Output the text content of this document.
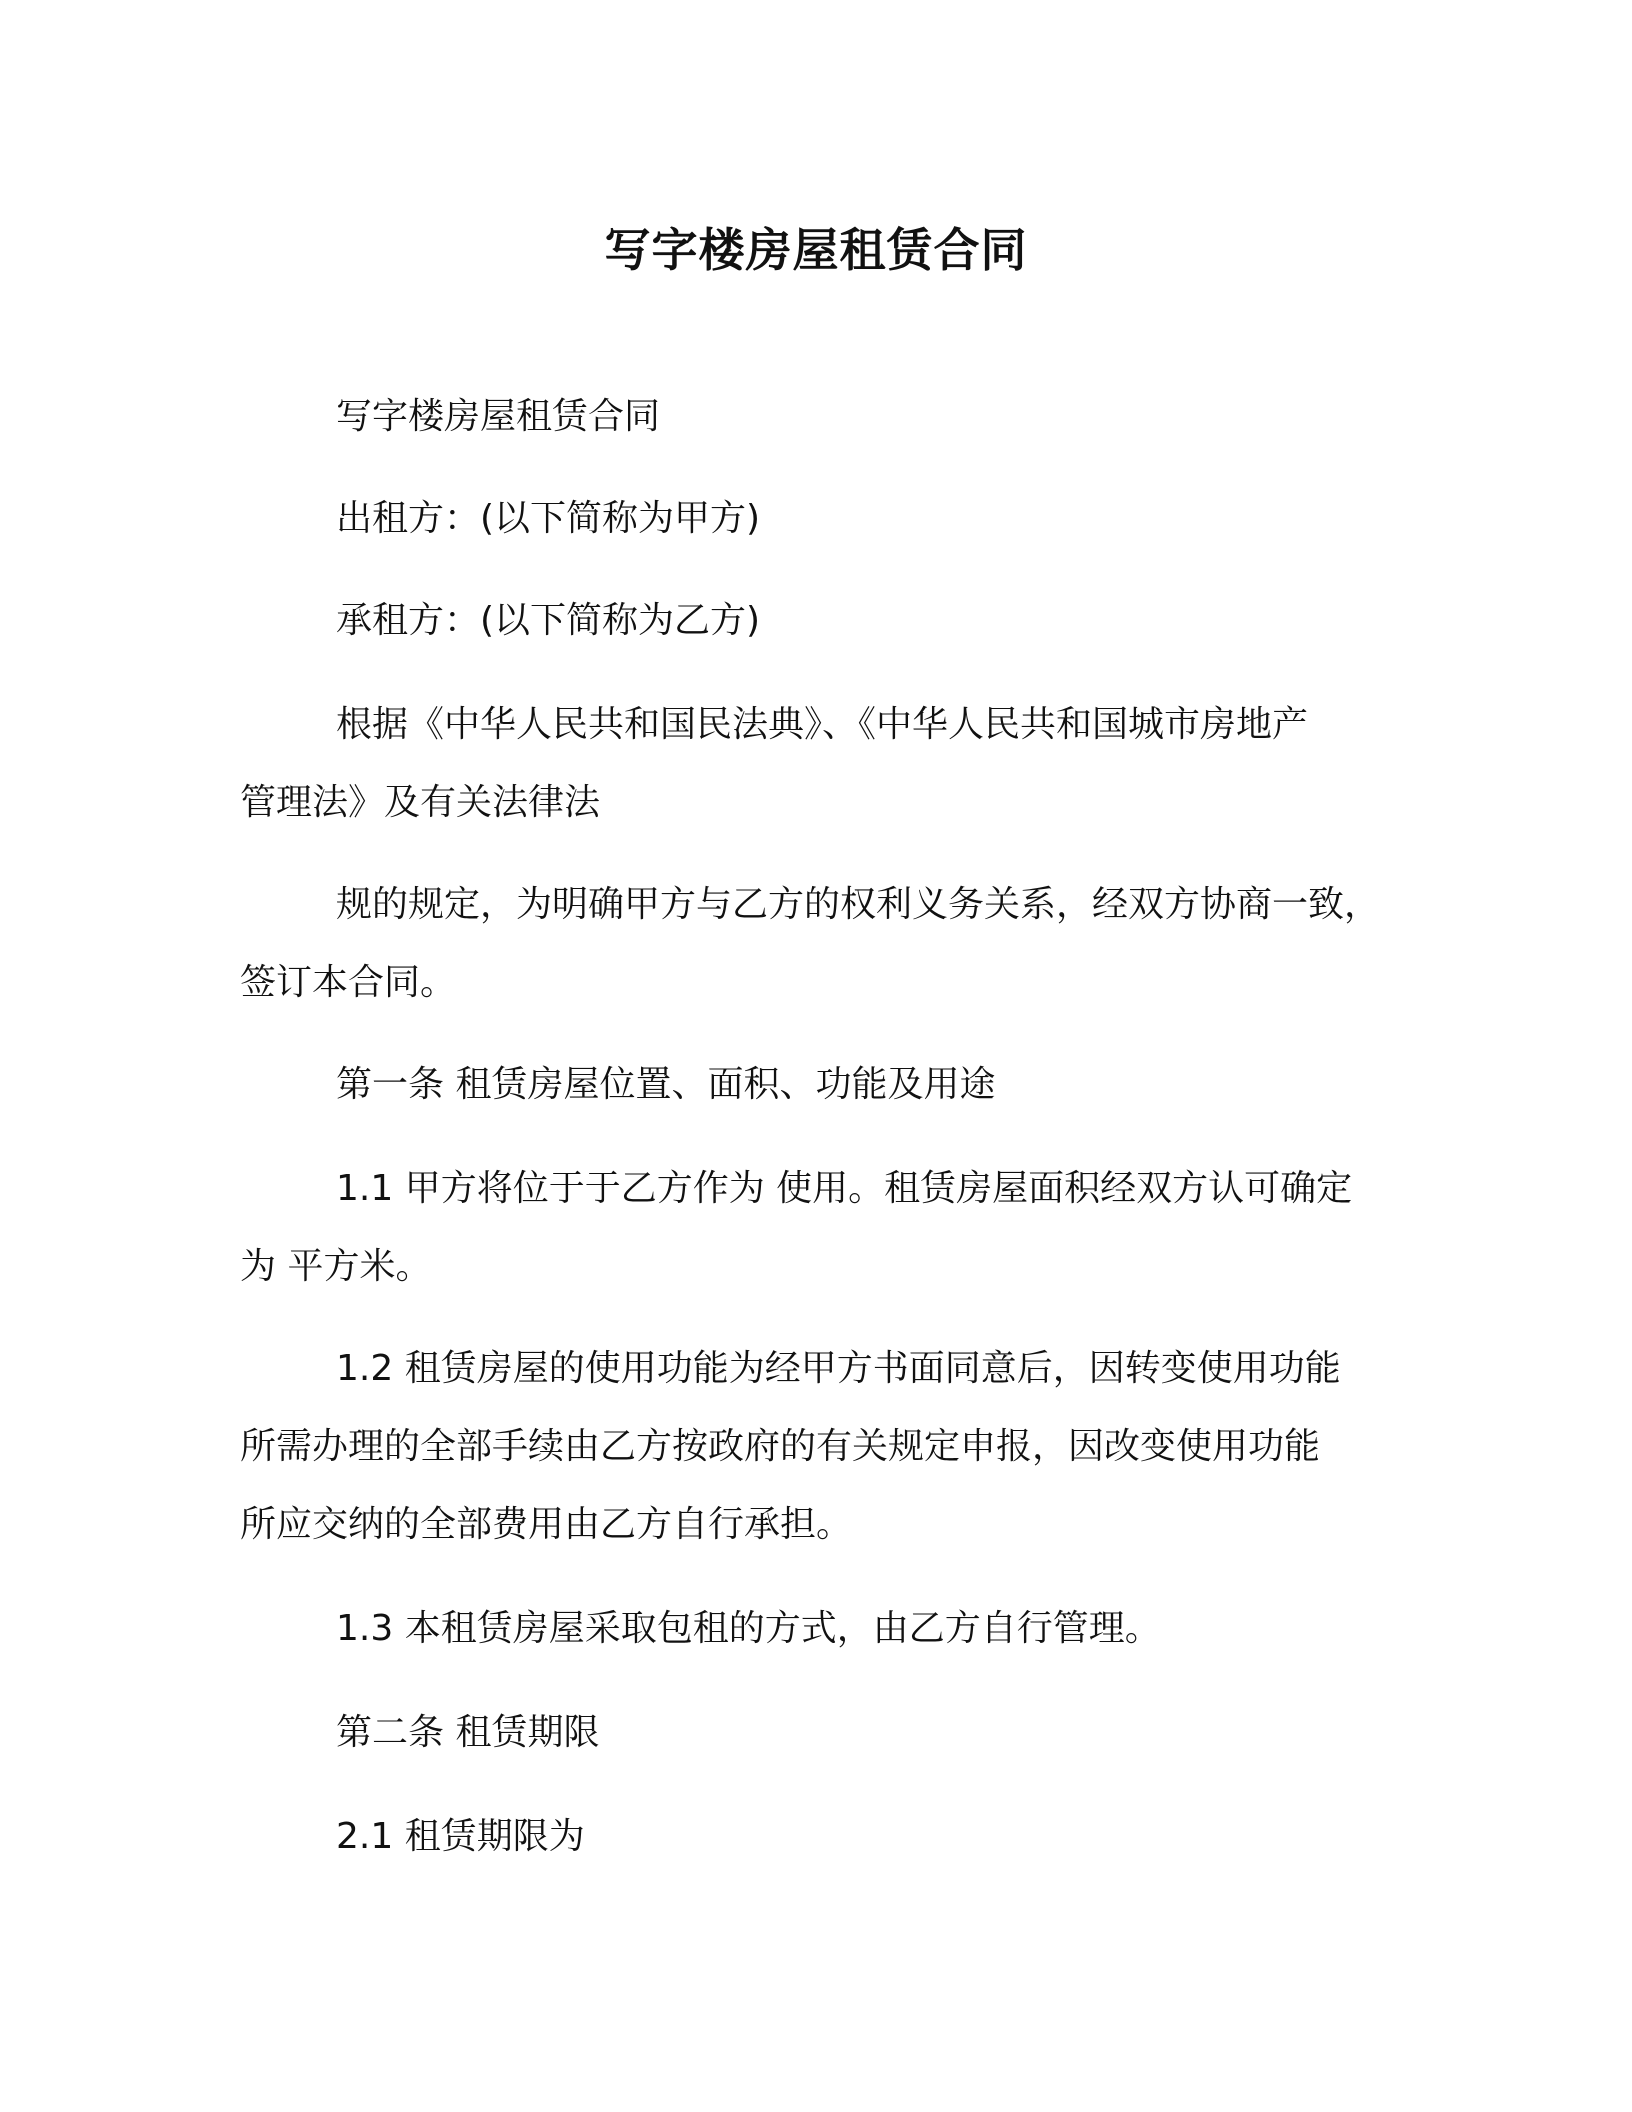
写字楼房屋租赁合同

写字楼房屋租赁合同

出租方：(以下简称为甲方)

承租方：(以下简称为乙方)

根据《中华人民共和国民法典》、《中华人民共和国城市房地产
管理法》及有关法律法

规的规定，为明确甲方与乙方的权利义务关系，经双方协商一致，
签订本合同。

第一条 租赁房屋位置、面积、功能及用途

1.1 甲方将位于于乙方作为 使用。租赁房屋面积经双方认可确定
为 平方米。

1.2 租赁房屋的使用功能为经甲方书面同意后，因转变使用功能
所需办理的全部手续由乙方按政府的有关规定申报，因改变使用功能
所应交纳的全部费用由乙方自行承担。

1.3 本租赁房屋采取包租的方式，由乙方自行管理。

第二条 租赁期限

2.1 租赁期限为
